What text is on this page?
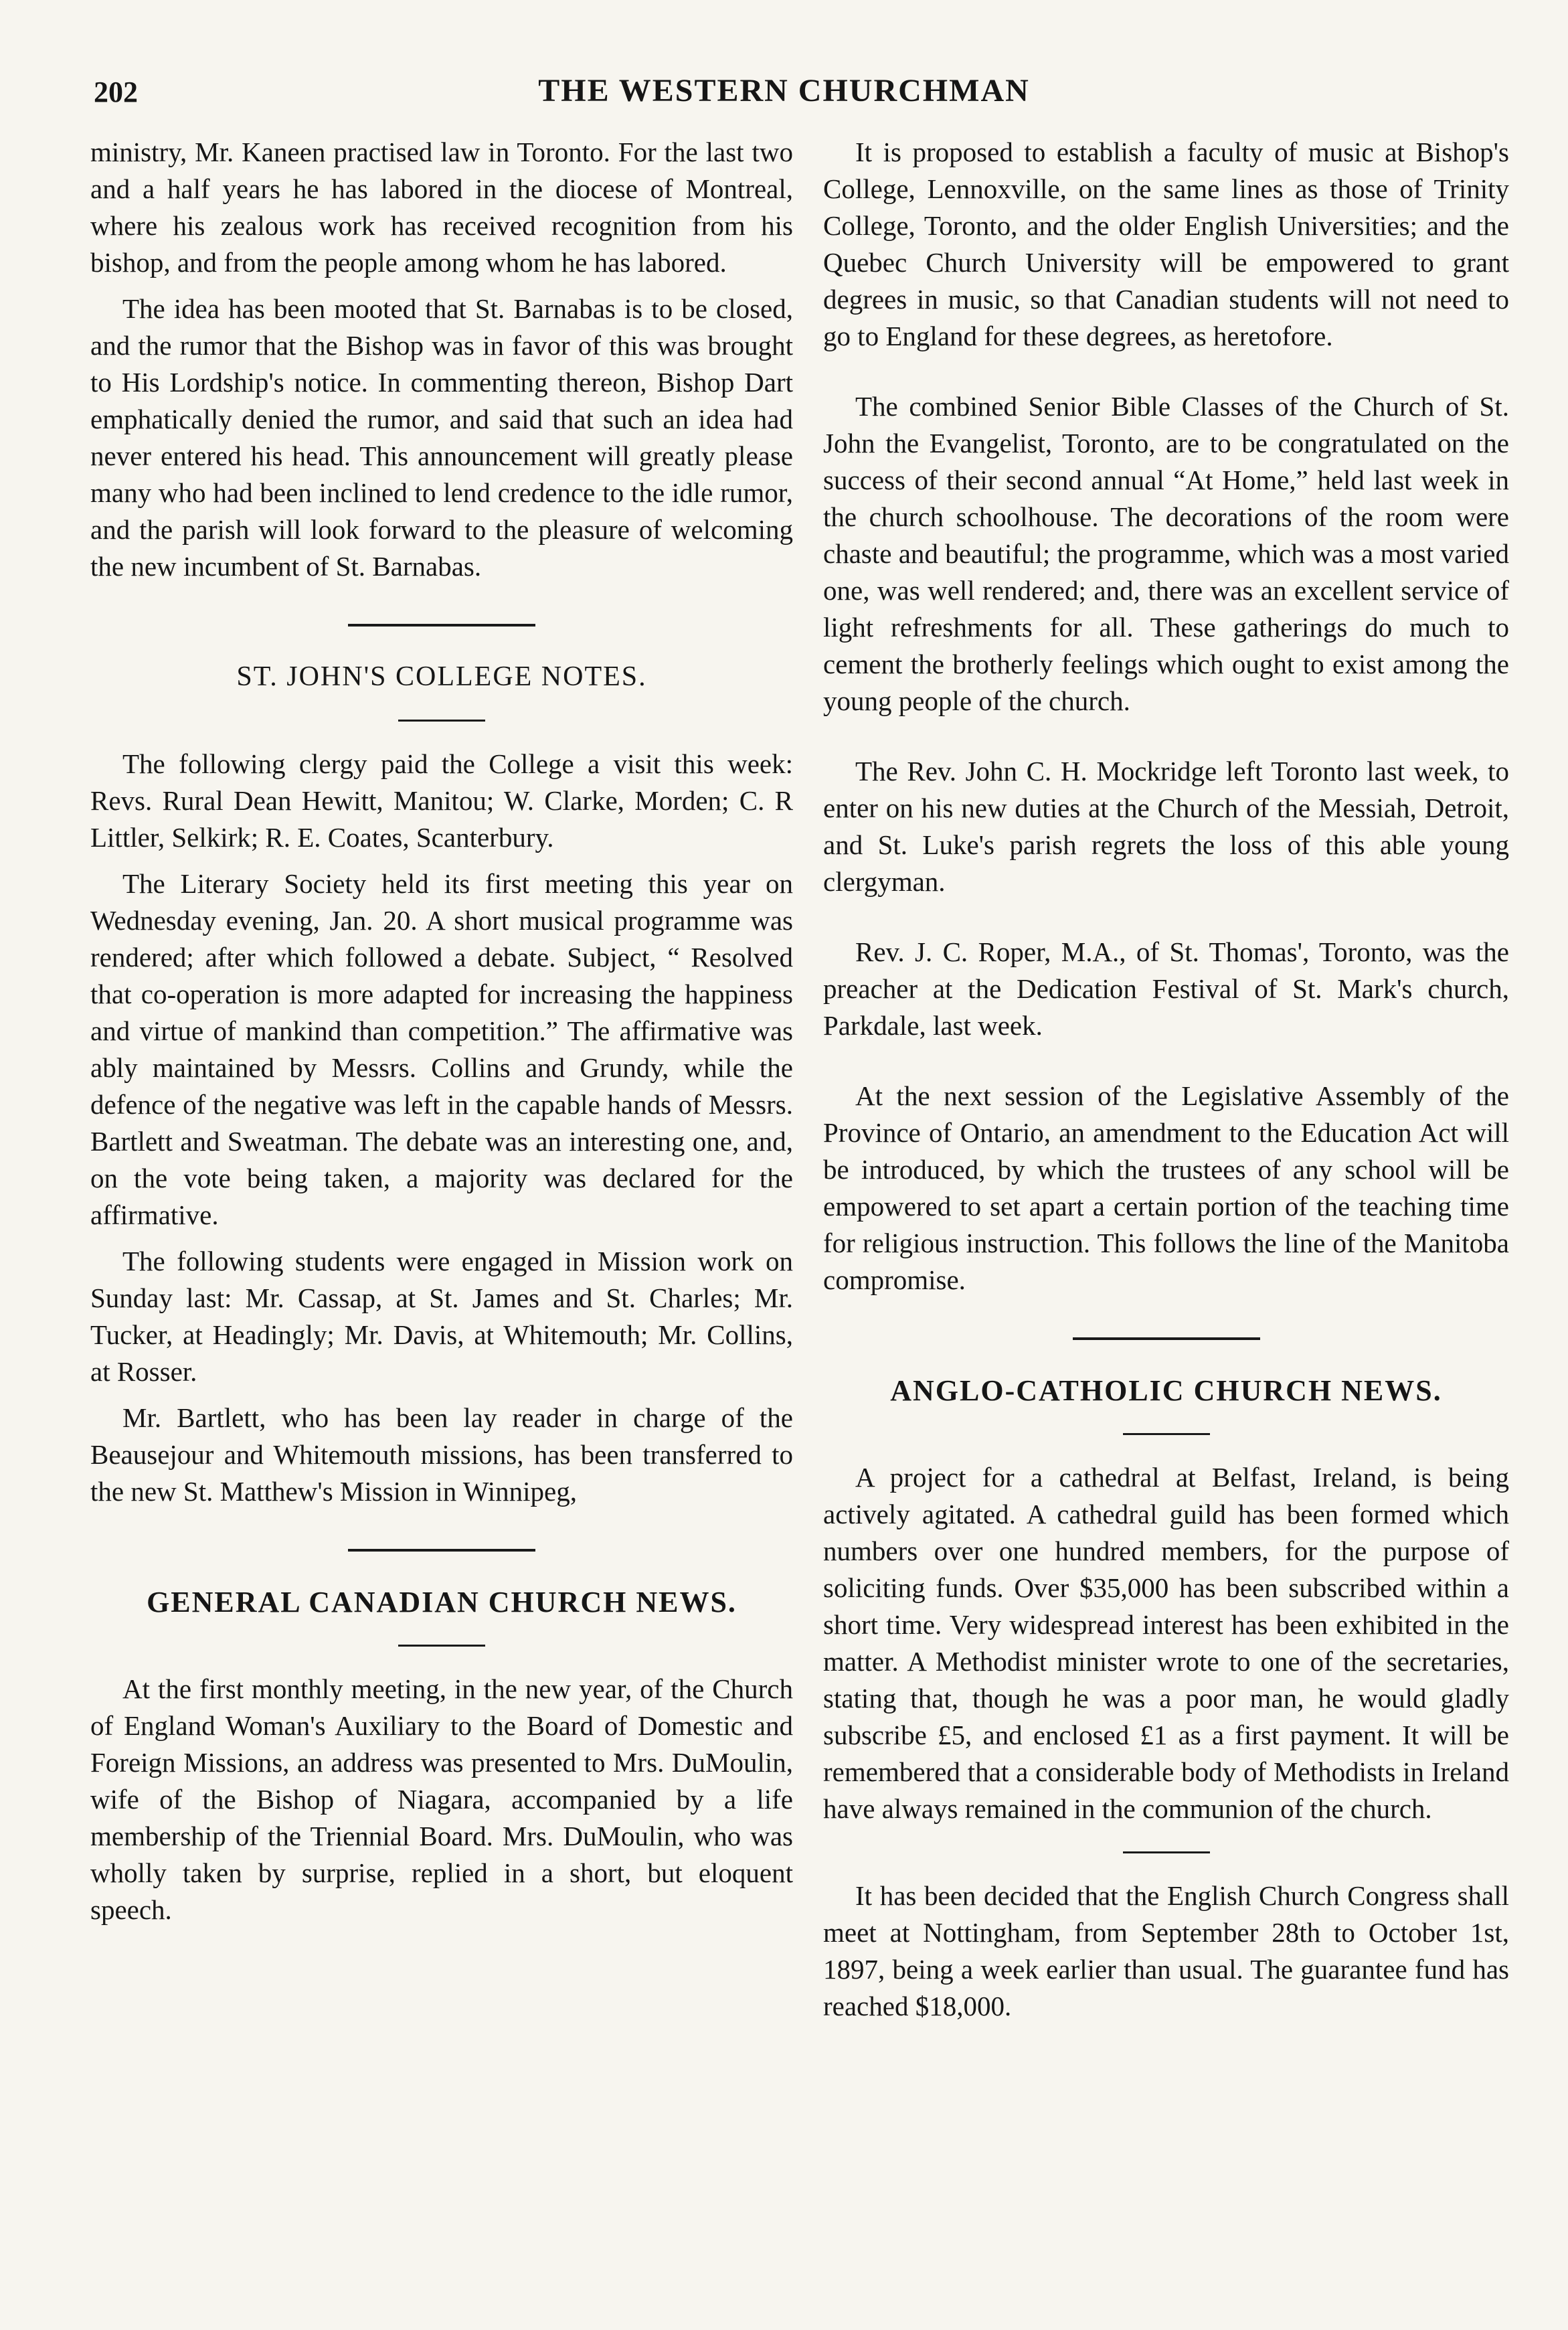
202	THE WESTERN CHURCHMAN

ministry, Mr. Kaneen practised law in Toronto. For the last two and a half years he has labored in the diocese of Montreal, where his zealous work has received recognition from his bishop, and from the people among whom he has labored.

The idea has been mooted that St. Barnabas is to be closed, and the rumor that the Bishop was in favor of this was brought to His Lordship's notice. In commenting thereon, Bishop Dart emphatically denied the rumor, and said that such an idea had never entered his head. This announcement will greatly please many who had been inclined to lend credence to the idle rumor, and the parish will look forward to the pleasure of welcoming the new incumbent of St. Barnabas.

ST. JOHN'S COLLEGE NOTES.

The following clergy paid the College a visit this week: Revs. Rural Dean Hewitt, Manitou; W. Clarke, Morden; C. R Littler, Selkirk; R. E. Coates, Scanterbury.

The Literary Society held its first meeting this year on Wednesday evening, Jan. 20. A short musical programme was rendered; after which followed a debate. Subject, “ Resolved that co-operation is more adapted for increasing the happiness and virtue of mankind than competition.” The affirmative was ably maintained by Messrs. Collins and Grundy, while the defence of the negative was left in the capable hands of Messrs. Bartlett and Sweatman. The debate was an interesting one, and, on the vote being taken, a majority was declared for the affirmative.

The following students were engaged in Mission work on Sunday last: Mr. Cassap, at St. James and St. Charles; Mr. Tucker, at Headingly; Mr. Davis, at Whitemouth; Mr. Collins, at Rosser.

Mr. Bartlett, who has been lay reader in charge of the Beausejour and Whitemouth missions, has been transferred to the new St. Matthew's Mission in Winnipeg,

GENERAL CANADIAN CHURCH NEWS.

At the first monthly meeting, in the new year, of the Church of England Woman's Auxiliary to the Board of Domestic and Foreign Missions, an address was presented to Mrs. DuMoulin, wife of the Bishop of Niagara, accompanied by a life membership of the Triennial Board. Mrs. DuMoulin, who was wholly taken by surprise, replied in a short, but eloquent speech.

It is proposed to establish a faculty of music at Bishop's College, Lennoxville, on the same lines as those of Trinity College, Toronto, and the older English Universities; and the Quebec Church University will be empowered to grant degrees in music, so that Canadian students will not need to go to England for these degrees, as heretofore.

The combined Senior Bible Classes of the Church of St. John the Evangelist, Toronto, are to be congratulated on the success of their second annual “At Home,” held last week in the church schoolhouse. The decorations of the room were chaste and beautiful; the programme, which was a most varied one, was well rendered; and, there was an excellent service of light refreshments for all. These gatherings do much to cement the brotherly feelings which ought to exist among the young people of the church.

The Rev. John C. H. Mockridge left Toronto last week, to enter on his new duties at the Church of the Messiah, Detroit, and St. Luke's parish regrets the loss of this able young clergyman.

Rev. J. C. Roper, M.A., of St. Thomas', Toronto, was the preacher at the Dedication Festival of St. Mark's church, Parkdale, last week.

At the next session of the Legislative Assembly of the Province of Ontario, an amendment to the Education Act will be introduced, by which the trustees of any school will be empowered to set apart a certain portion of the teaching time for religious instruction. This follows the line of the Manitoba compromise.

ANGLO-CATHOLIC CHURCH NEWS.

A project for a cathedral at Belfast, Ireland, is being actively agitated. A cathedral guild has been formed which numbers over one hundred members, for the purpose of soliciting funds. Over $35,000 has been subscribed within a short time. Very widespread interest has been exhibited in the matter. A Methodist minister wrote to one of the secretaries, stating that, though he was a poor man, he would gladly subscribe £5, and enclosed £1 as a first payment. It will be remembered that a considerable body of Methodists in Ireland have always remained in the communion of the church.

It has been decided that the English Church Congress shall meet at Nottingham, from September 28th to October 1st, 1897, being a week earlier than usual. The guarantee fund has reached $18,000.
